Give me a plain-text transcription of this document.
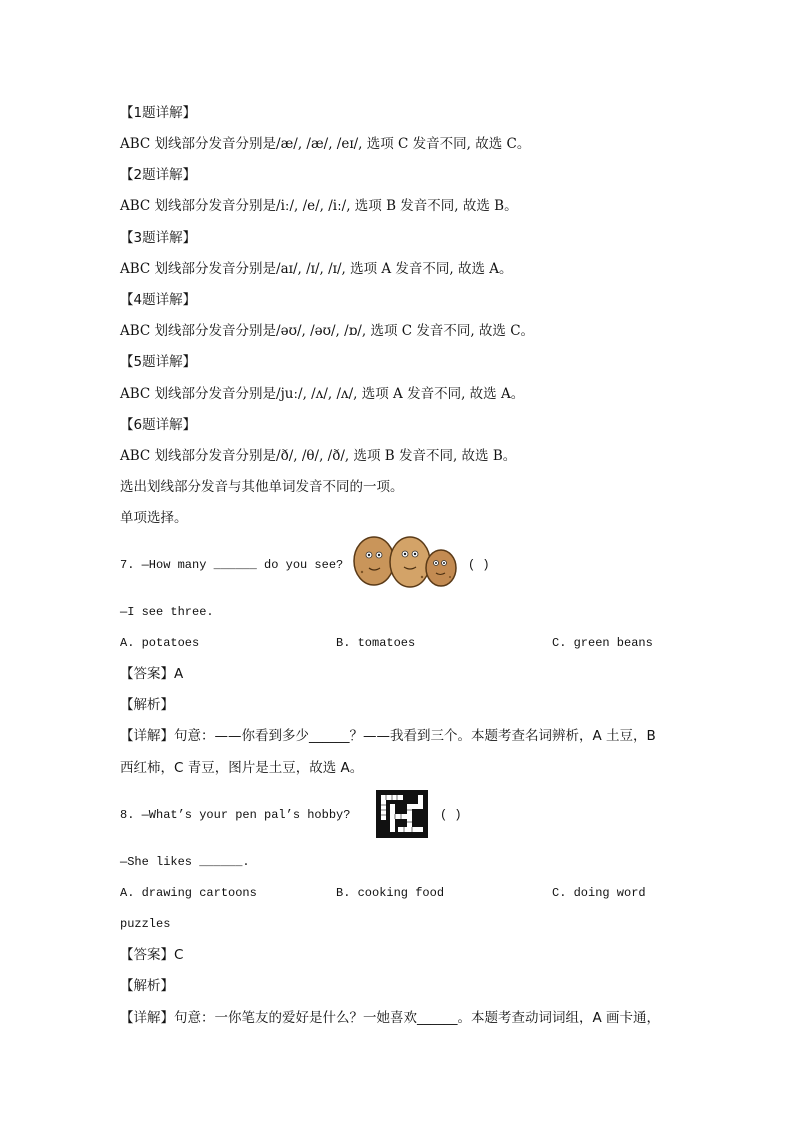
【1题详解】
ABC 划线部分发音分别是/æ/, /æ/, /eɪ/, 选项 C 发音不同, 故选 C。
【2题详解】
ABC 划线部分发音分别是/iː/, /e/, /iː/, 选项 B 发音不同, 故选 B。
【3题详解】
ABC 划线部分发音分别是/aɪ/, /ɪ/, /ɪ/, 选项 A 发音不同, 故选 A。
【4题详解】
ABC 划线部分发音分别是/əʊ/, /əʊ/, /ɒ/, 选项 C 发音不同, 故选 C。
【5题详解】
ABC 划线部分发音分别是/juː/, /ʌ/, /ʌ/, 选项 A 发音不同, 故选 A。
【6题详解】
ABC 划线部分发音分别是/ð/, /θ/, /ð/, 选项 B 发音不同, 故选 B。
选出划线部分发音与其他单词发音不同的一项。
单项选择。
7. —How many ______ do you see?	( )
—I see three.
A. potatoes	B. tomatoes	C. green beans
【答案】A
【解析】
【详解】句意：——你看到多少______？——我看到三个。本题考查名词辨析，A 土豆，B
西红柿，C 青豆，图片是土豆，故选 A。
8. —What’s your pen pal’s hobby?	( )
—She likes ______.
A. drawing cartoons	B. cooking food	C. doing word
puzzles
【答案】C
【解析】
【详解】句意：一你笔友的爱好是什么？一她喜欢______。本题考查动词词组，A 画卡通，
